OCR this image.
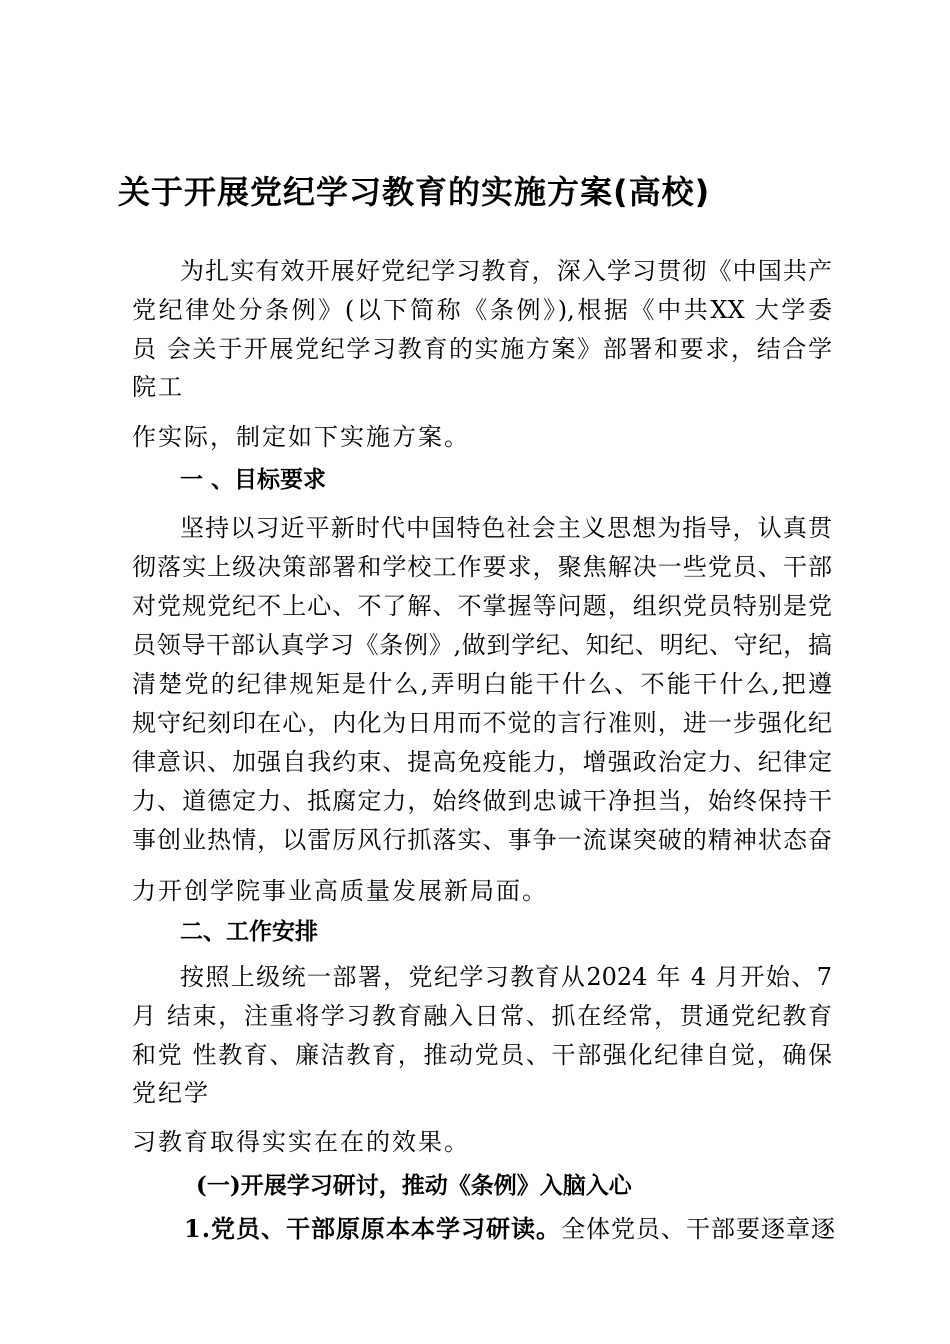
关于开展党纪学习教育的实施方案(高校)
为扎实有效开展好党纪学习教育，深入学习贯彻《中国共产
党纪律处分条例》(以下简称《条例》),根据《中共XX 大学委
员 会关于开展党纪学习教育的实施方案》部署和要求，结合学
院工
作实际，制定如下实施方案。
一 、目标要求
坚持以习近平新时代中国特色社会主义思想为指导，认真贯
彻落实上级决策部署和学校工作要求，聚焦解决一些党员、干部
对党规党纪不上心、不了解、不掌握等问题，组织党员特别是党
员领导干部认真学习《条例》,做到学纪、知纪、明纪、守纪，搞
清楚党的纪律规矩是什么,弄明白能干什么、不能干什么,把遵
规守纪刻印在心，内化为日用而不觉的言行准则，进一步强化纪
律意识、加强自我约束、提高免疫能力，增强政治定力、纪律定
力、道德定力、抵腐定力，始终做到忠诚干净担当，始终保持干
事创业热情，以雷厉风行抓落实、事争一流谋突破的精神状态奋
力开创学院事业高质量发展新局面。
二、工作安排
按照上级统一部署，党纪学习教育从2024 年 4 月开始、7
月 结束，注重将学习教育融入日常、抓在经常，贯通党纪教育
和党 性教育、廉洁教育，推动党员、干部强化纪律自觉，确保
党纪学
习教育取得实实在在的效果。
(一)开展学习研讨，推动《条例》入脑入心
1.党员、干部原原本本学习研读。全体党员、干部要逐章逐
